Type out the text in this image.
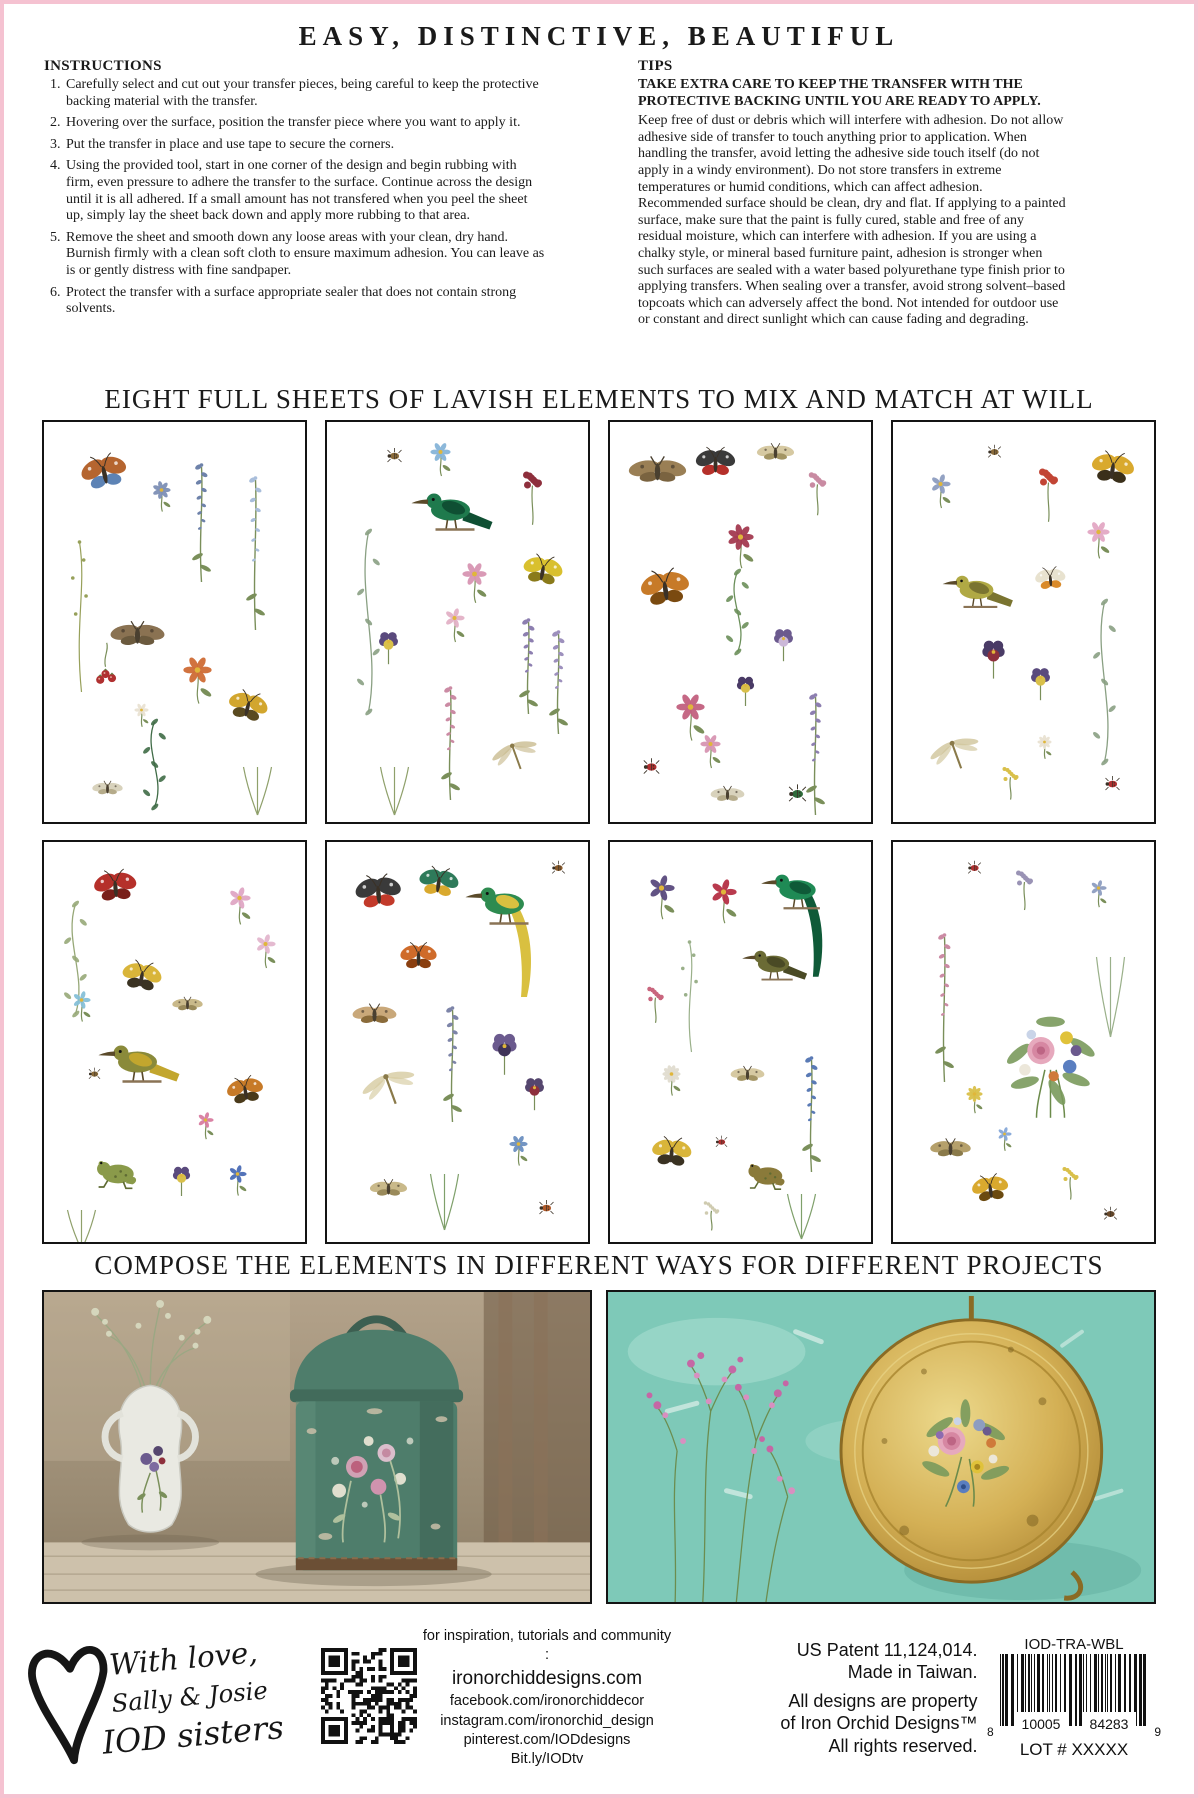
EASY, DISTINCTIVE, BEAUTIFUL

INSTRUCTIONS

1. Carefully select and cut out your transfer pieces, being careful to keep the protective backing material with the transfer.
2. Hovering over the surface, position the transfer piece where you want to apply it.
3. Put the transfer in place and use tape to secure the corners.
4. Using the provided tool, start in one corner of the design and begin rubbing with firm, even pressure to adhere the transfer to the surface. Continue across the design until it is all adhered. If a small amount has not transfered when you peel the sheet up, simply lay the sheet back down and apply more rubbing to that area.
5. Remove the sheet and smooth down any loose areas with your clean, dry hand. Burnish firmly with a clean soft cloth to ensure maximum adhesion. You can leave as is or gently distress with fine sandpaper.
6. Protect the transfer with a surface appropriate sealer that does not contain strong solvents.

TIPS

TAKE EXTRA CARE TO KEEP THE TRANSFER WITH THE PROTECTIVE BACKING UNTIL YOU ARE READY TO APPLY.

Keep free of dust or debris which will interfere with adhesion. Do not allow adhesive side of transfer to touch anything prior to application. When handling the transfer, avoid letting the adhesive side touch itself (do not apply in a windy environment). Do not store transfers in extreme temperatures or humid conditions, which can affect adhesion. Recommended surface should be clean, dry and flat. If applying to a painted surface, make sure that the paint is fully cured, stable and free of any residual moisture, which can interfere with adhesion. If you are using a chalky style, or mineral based furniture paint, adhesion is stronger when such surfaces are sealed with a water based polyurethane type finish prior to applying transfers. When sealing over a transfer, avoid strong solvent–based topcoats which can adversely affect the bond. Not intended for outdoor use or constant and direct sunlight which can cause fading and degrading.

EIGHT FULL SHEETS OF LAVISH ELEMENTS TO MIX AND MATCH AT WILL
COMPOSE THE ELEMENTS IN DIFFERENT WAYS FOR DIFFERENT PROJECTS
With love,
Sally & Josie
IOD sisters
for inspiration, tutorials and community :
ironorchiddesigns.com
facebook.com/ironorchiddecor
instagram.com/ironorchid_design
pinterest.com/IODdesigns
Bit.ly/IODtv
US Patent 11,124,014.
Made in Taiwan.
All designs are property
of Iron Orchid Designs™
All rights reserved.
IOD-TRA-WBL
10005 84283
8	9
LOT # XXXXX
